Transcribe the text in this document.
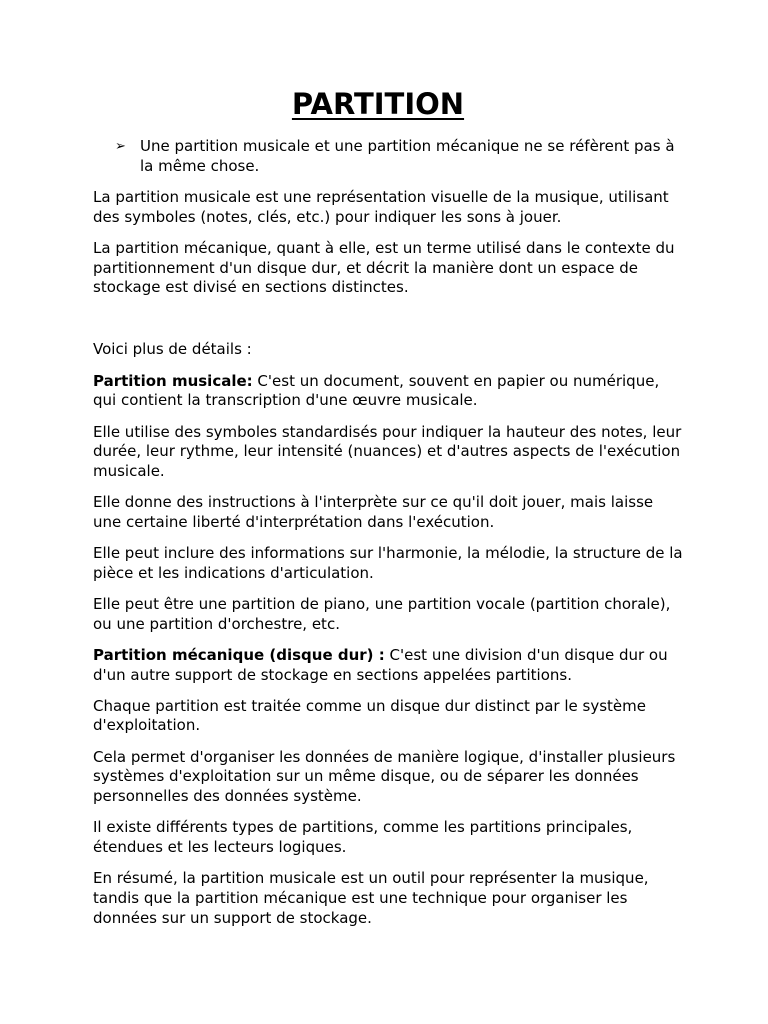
PARTITION
➢ Une partition musicale et une partition mécanique ne se réfèrent pas à la même chose.

La partition musicale est une représentation visuelle de la musique, utilisant des symboles (notes, clés, etc.) pour indiquer les sons à jouer.

La partition mécanique, quant à elle, est un terme utilisé dans le contexte du partitionnement d'un disque dur, et décrit la manière dont un espace de stockage est divisé en sections distinctes.

Voici plus de détails :

Partition musicale: C'est un document, souvent en papier ou numérique, qui contient la transcription d'une œuvre musicale.

Elle utilise des symboles standardisés pour indiquer la hauteur des notes, leur durée, leur rythme, leur intensité (nuances) et d'autres aspects de l'exécution musicale.

Elle donne des instructions à l'interprète sur ce qu'il doit jouer, mais laisse une certaine liberté d'interprétation dans l'exécution.

Elle peut inclure des informations sur l'harmonie, la mélodie, la structure de la pièce et les indications d'articulation.

Elle peut être une partition de piano, une partition vocale (partition chorale), ou une partition d'orchestre, etc.

Partition mécanique (disque dur) : C'est une division d'un disque dur ou d'un autre support de stockage en sections appelées partitions.

Chaque partition est traitée comme un disque dur distinct par le système d'exploitation.

Cela permet d'organiser les données de manière logique, d'installer plusieurs systèmes d'exploitation sur un même disque, ou de séparer les données personnelles des données système.

Il existe différents types de partitions, comme les partitions principales, étendues et les lecteurs logiques.

En résumé, la partition musicale est un outil pour représenter la musique, tandis que la partition mécanique est une technique pour organiser les données sur un support de stockage.
